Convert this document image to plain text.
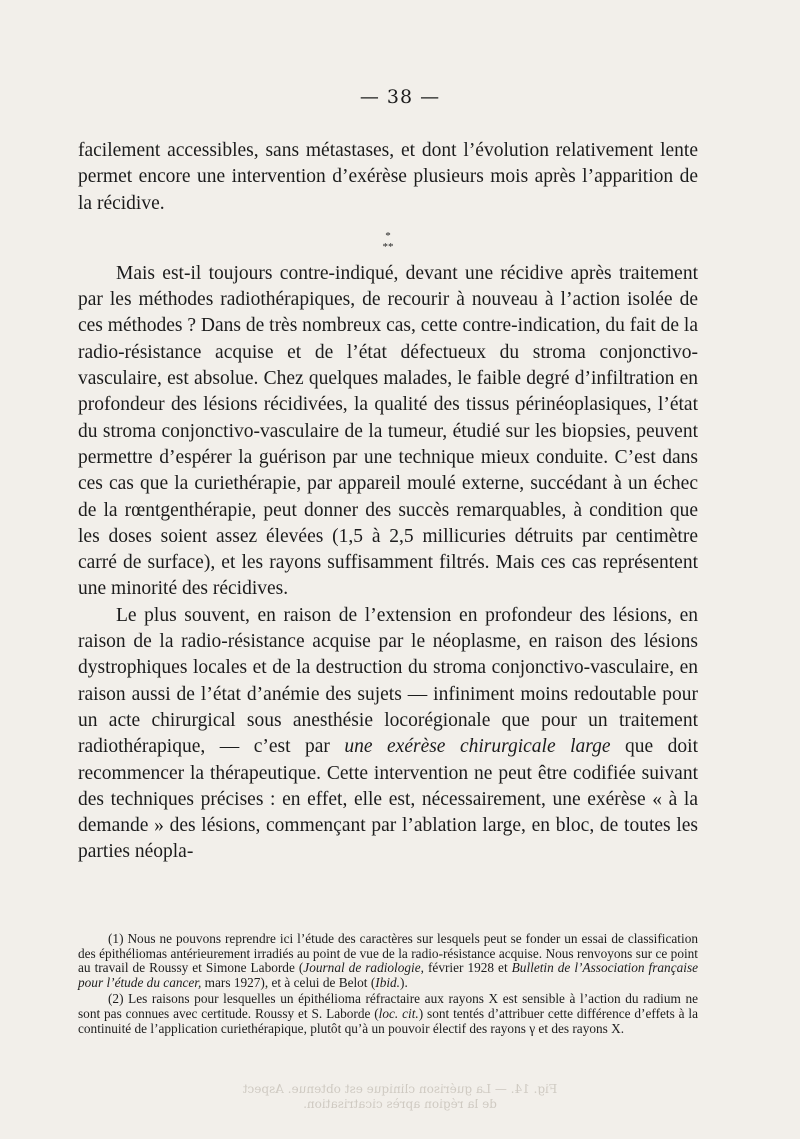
— 38 —

facilement accessibles, sans métastases, et dont l’évolution relativement lente permet encore une intervention d’exérèse plusieurs mois après l’apparition de la récidive.

*
**

Mais est-il toujours contre-indiqué, devant une récidive après traitement par les méthodes radiothérapiques, de recourir à nouveau à l’action isolée de ces méthodes ? Dans de très nombreux cas, cette contre-indication, du fait de la radio-résistance acquise et de l’état défectueux du stroma conjonctivo-vasculaire, est absolue. Chez quelques malades, le faible degré d’infiltration en profondeur des lésions récidivées, la qualité des tissus périnéoplasiques, l’état du stroma conjonctivo-vasculaire de la tumeur, étudié sur les biopsies, peuvent permettre d’espérer la guérison par une technique mieux conduite. C’est dans ces cas que la curiethérapie, par appareil moulé externe, succédant à un échec de la rœntgenthérapie, peut donner des succès remarquables, à condition que les doses soient assez élevées (1,5 à 2,5 millicuries détruits par centimètre carré de surface), et les rayons suffisamment filtrés. Mais ces cas représentent une minorité des récidives.

Le plus souvent, en raison de l’extension en profondeur des lésions, en raison de la radio-résistance acquise par le néoplasme, en raison des lésions dystrophiques locales et de la destruction du stroma conjonctivo-vasculaire, en raison aussi de l’état d’anémie des sujets — infiniment moins redoutable pour un acte chirurgical sous anesthésie locorégionale que pour un traitement radiothérapique, — c’est par une exérèse chirurgicale large que doit recommencer la thérapeutique. Cette intervention ne peut être codifiée suivant des techniques précises : en effet, elle est, nécessairement, une exérèse « à la demande » des lésions, commençant par l’ablation large, en bloc, de toutes les parties néopla-

(1) Nous ne pouvons reprendre ici l’étude des caractères sur lesquels peut se fonder un essai de classification des épithéliomas antérieurement irradiés au point de vue de la radio-résistance acquise. Nous renvoyons sur ce point au travail de Roussy et Simone Laborde (Journal de radiologie, février 1928 et Bulletin de l’Association française pour l’étude du cancer, mars 1927), et à celui de Belot (Ibid.).

(2) Les raisons pour lesquelles un épithélioma réfractaire aux rayons X est sensible à l’action du radium ne sont pas connues avec certitude. Roussy et S. Laborde (loc. cit.) sont tentés d’attribuer cette différence d’effets à la continuité de l’application curiethérapique, plutôt qu’à un pouvoir électif des rayons γ et des rayons X.

Fig. 14. — La guérison clinique est obtenue. Aspect
de la région après cicatrisation.
